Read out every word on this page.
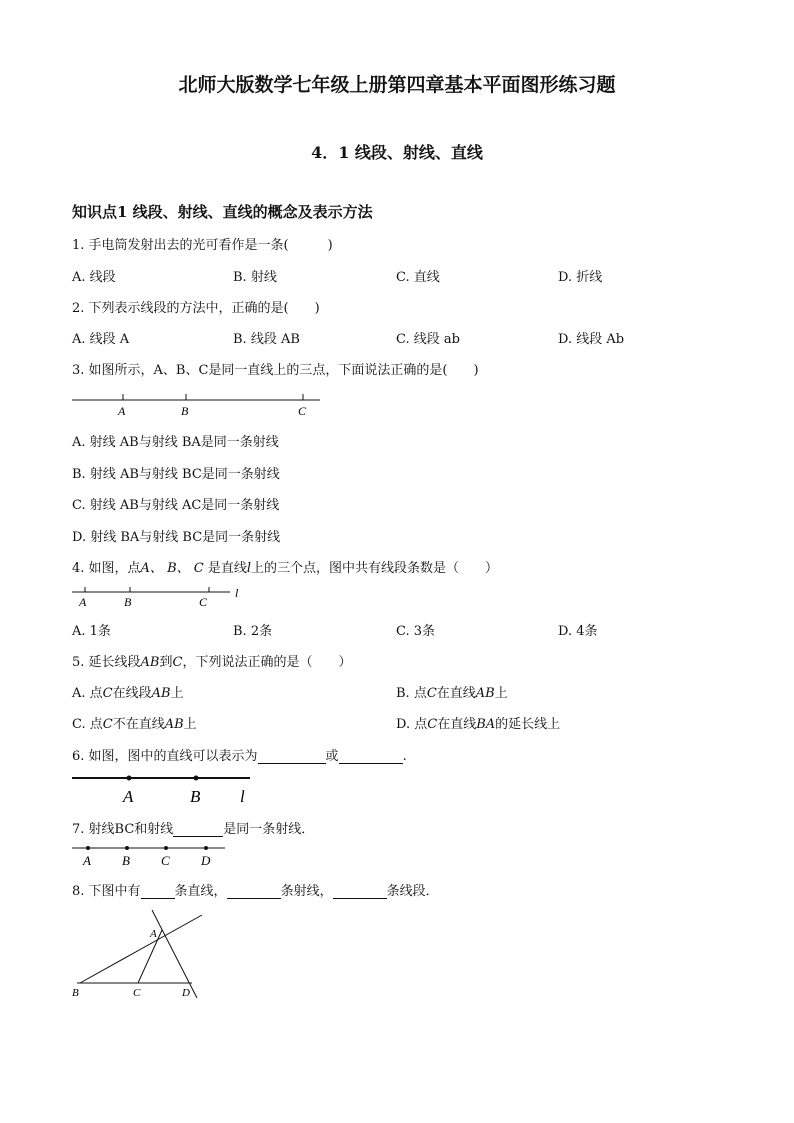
北师大版数学七年级上册第四章基本平面图形练习题
4．1 线段、射线、直线
知识点1 线段、射线、直线的概念及表示方法
1. 手电筒发射出去的光可看作是一条(　　　)
A. 线段	B. 射线	C. 直线	D. 折线
2. 下列表示线段的方法中，正确的是(　　)
A. 线段 A	B. 线段 AB	C. 线段 ab	D. 线段 Ab
3. 如图所示，A、B、C是同一直线上的三点，下面说法正确的是(　　)
A	B	C
A. 射线 AB与射线 BA是同一条射线
B. 射线 AB与射线 BC是同一条射线
C. 射线 AB与射线 AC是同一条射线
D. 射线 BA与射线 BC是同一条射线
4. 如图，点A、 B、 C 是直线l上的三个点，图中共有线段条数是（　　）
A	B	C
l
A. 1条	B. 2条	C. 3条	D. 4条
5. 延长线段AB到C，下列说法正确的是（　　）
A. 点C在线段AB上	B. 点C在直线AB上
C. 点C不在直线AB上	D. 点C在直线BA的延长线上
6. 如图，图中的直线可以表示为	或	.
A	B l
7. 射线BC和射线	是同一条射线．
A B C D
8. 下图中有	条直线，	条射线，	条线段．
A
B	C	D
